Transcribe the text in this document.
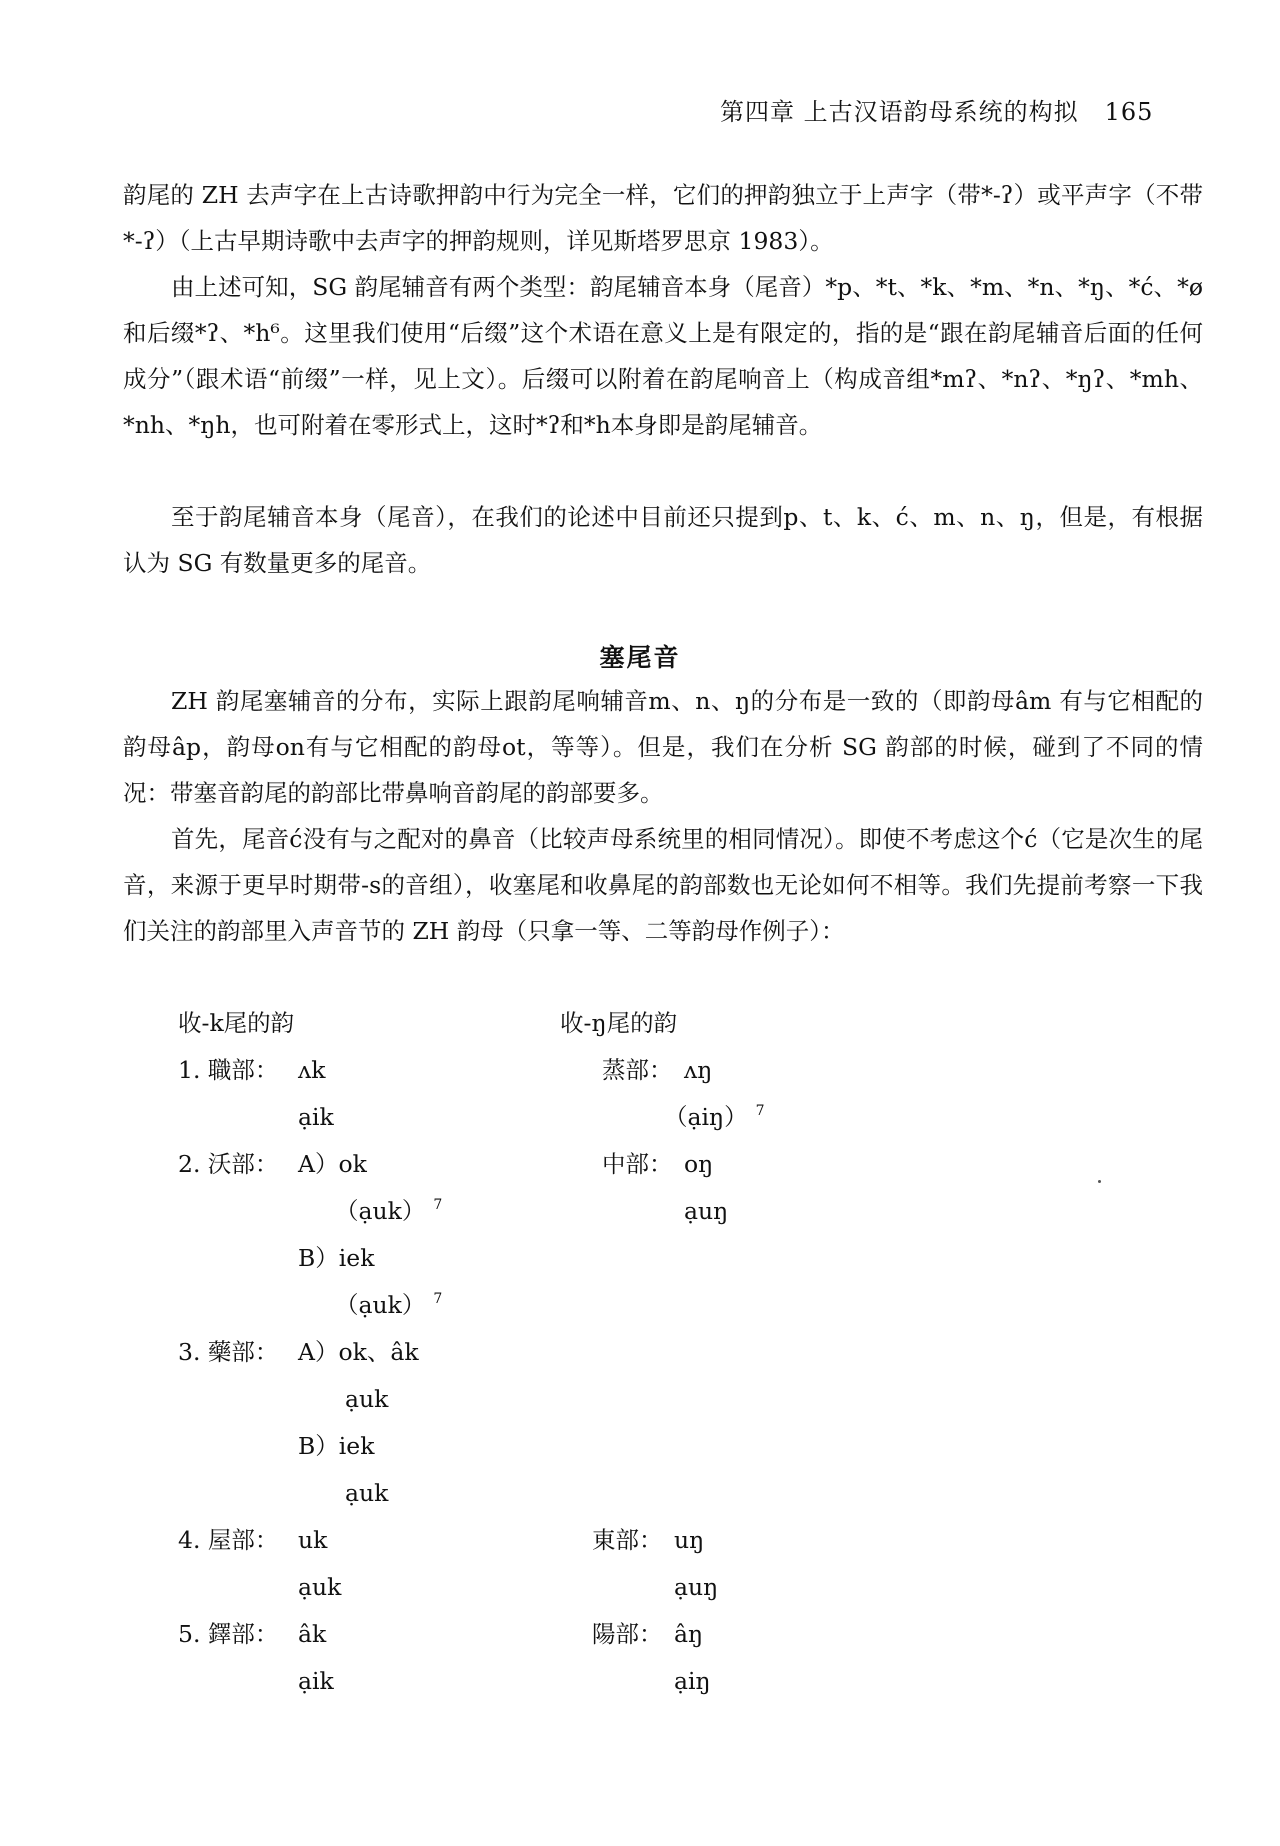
第四章 上古汉语韵母系统的构拟 165

韵尾的 ZH 去声字在上古诗歌押韵中行为完全一样，它们的押韵独立于上声字（带*-ʔ）或平声字（不带*-ʔ）（上古早期诗歌中去声字的押韵规则，详见斯塔罗思京 1983）。

由上述可知，SG 韵尾辅音有两个类型：韵尾辅音本身（尾音）*p、*t、*k、*m、*n、*ŋ、*ć、*ø和后缀*ʔ、*h⁶。这里我们使用“后缀”这个术语在意义上是有限定的，指的是“跟在韵尾辅音后面的任何成分”（跟术语“前缀”一样，见上文）。后缀可以附着在韵尾响音上（构成音组*mʔ、*nʔ、*ŋʔ、*mh、*nh、*ŋh，也可附着在零形式上，这时*ʔ和*h本身即是韵尾辅音。

至于韵尾辅音本身（尾音），在我们的论述中目前还只提到p、t、k、ć、m、n、ŋ，但是，有根据认为 SG 有数量更多的尾音。

塞尾音

ZH 韵尾塞辅音的分布，实际上跟韵尾响辅音m、n、ŋ的分布是一致的（即韵母âm 有与它相配的韵母âp，韵母on有与它相配的韵母ot，等等）。但是，我们在分析 SG 韵部的时候，碰到了不同的情况：带塞音韵尾的韵部比带鼻响音韵尾的韵部要多。

首先，尾音ć没有与之配对的鼻音（比较声母系统里的相同情况）。即使不考虑这个ć（它是次生的尾音，来源于更早时期带-s的音组），收塞尾和收鼻尾的韵部数也无论如何不相等。我们先提前考察一下我们关注的韵部里入声音节的 ZH 韵母（只拿一等、二等韵母作例子）：

收-k尾的韵	收-ŋ尾的韵
1. 職部： ʌk	蒸部： ʌŋ
ạik	（ạiŋ） $^7$
2. 沃部： A）ok	中部： oŋ
（ạuk） $^7$	ạuŋ
B）iek
（ạuk） $^7$
3. 藥部： A）ok、âk
ạuk
B）iek
ạuk
4. 屋部： uk	東部： uŋ
ạuk	ạuŋ
5. 鐸部： âk	陽部： âŋ
ạik	ạiŋ
